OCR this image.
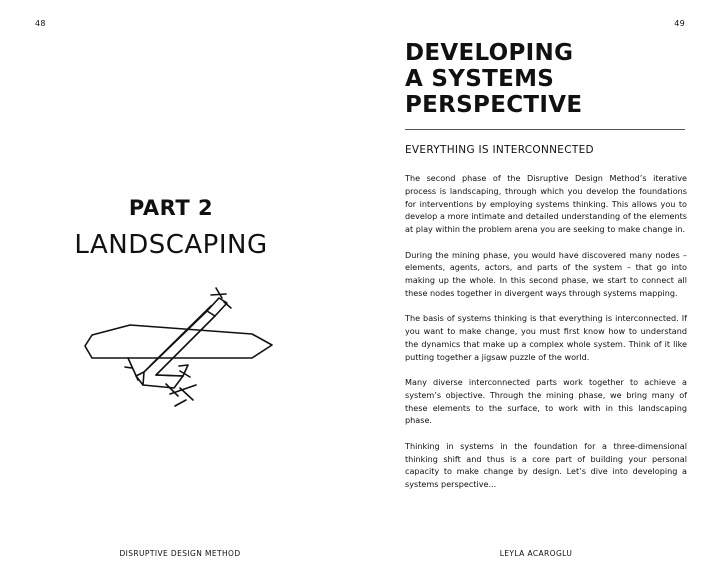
48
PART 2
LANDSCAPING
DISRUPTIVE DESIGN METHOD
49
DEVELOPING
A SYSTEMS
PERSPECTIVE
EVERYTHING IS INTERCONNECTED

The second phase of the Disruptive Design Method’s iterative process is landscaping, through which you develop the foundations for interventions by employing systems thinking. This allows you to develop a more intimate and detailed understanding of the elements at play within the problem arena you are seeking to make change in.

During the mining phase, you would have discovered many nodes – elements, agents, actors, and parts of the system – that go into making up the whole. In this second phase, we start to connect all these nodes together in divergent ways through systems mapping.

The basis of systems thinking is that everything is interconnected. If you want to make change, you must first know how to understand the dynamics that make up a complex whole system. Think of it like putting together a jigsaw puzzle of the world.

Many diverse interconnected parts work together to achieve a system’s objective. Through the mining phase, we bring many of these elements to the surface, to work with in this landscaping phase.

Thinking in systems in the foundation for a three-dimensional thinking shift and thus is a core part of building your personal capacity to make change by design. Let’s dive into developing a systems perspective...

LEYLA ACAROGLU
